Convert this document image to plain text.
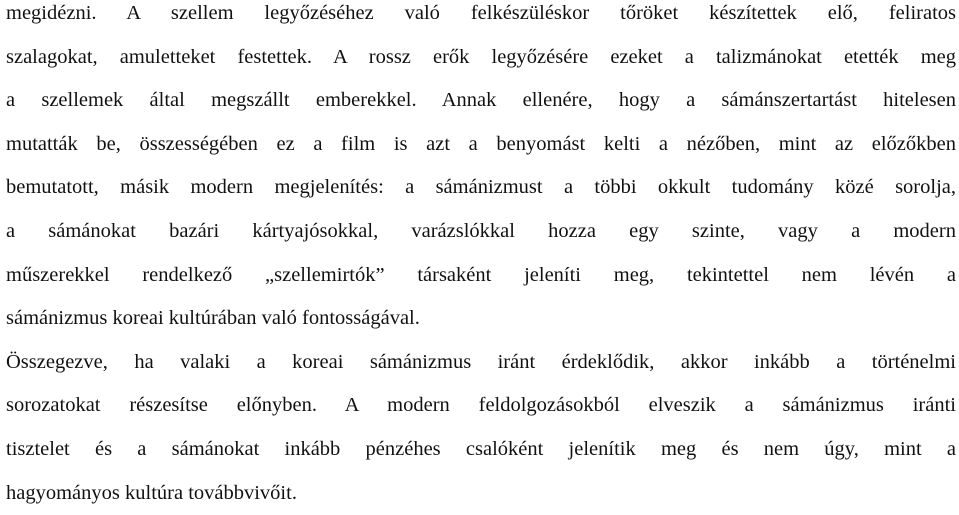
megidézni. A szellem legyőzéséhez való felkészüléskor tőröket készítettek elő, feliratos
szalagokat, amuletteket festettek. A rossz erők legyőzésére ezeket a talizmánokat etették meg
a szellemek által megszállt emberekkel. Annak ellenére, hogy a sámánszertartást hitelesen
mutatták be, összességében ez a film is azt a benyomást kelti a nézőben, mint az előzőkben
bemutatott, másik modern megjelenítés: a sámánizmust a többi okkult tudomány közé sorolja,
a sámánokat bazári kártyajósokkal, varázslókkal hozza egy szinte, vagy a modern
műszerekkel rendelkező „szellemirtók” társaként jeleníti meg, tekintettel nem lévén a
sámánizmus koreai kultúrában való fontosságával.
Összegezve, ha valaki a koreai sámánizmus iránt érdeklődik, akkor inkább a történelmi
sorozatokat részesítse előnyben. A modern feldolgozásokból elveszik a sámánizmus iránti
tisztelet és a sámánokat inkább pénzéhes csalóként jelenítik meg és nem úgy, mint a
hagyományos kultúra továbbvivőit.
